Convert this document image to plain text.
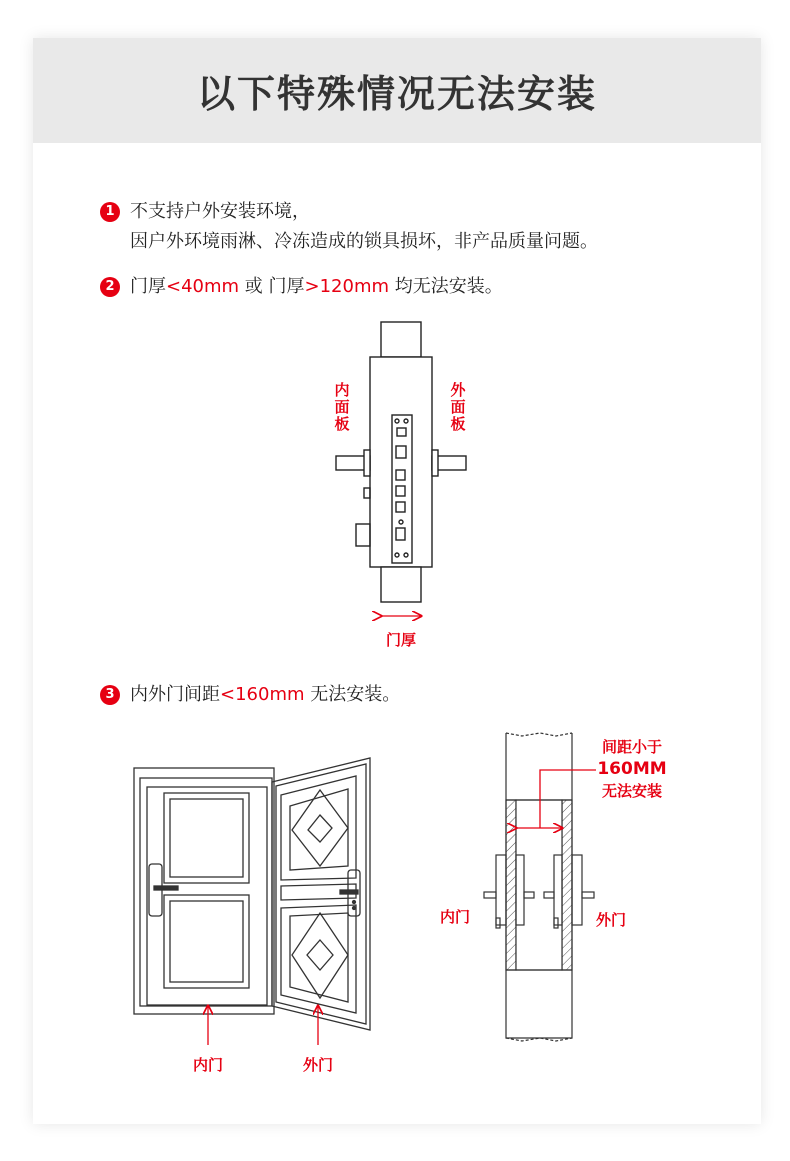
以下特殊情况无法安装
1 不支持户外安装环境，
因户外环境雨淋、冷冻造成的锁具损坏，非产品质量问题。
2 门厚<40mm 或 门厚>120mm 均无法安装。
3 内外门间距<160mm 无法安装。
内面板
外面板
门厚
内门	外门
间距小于
160MM
无法安装
内门	外门
